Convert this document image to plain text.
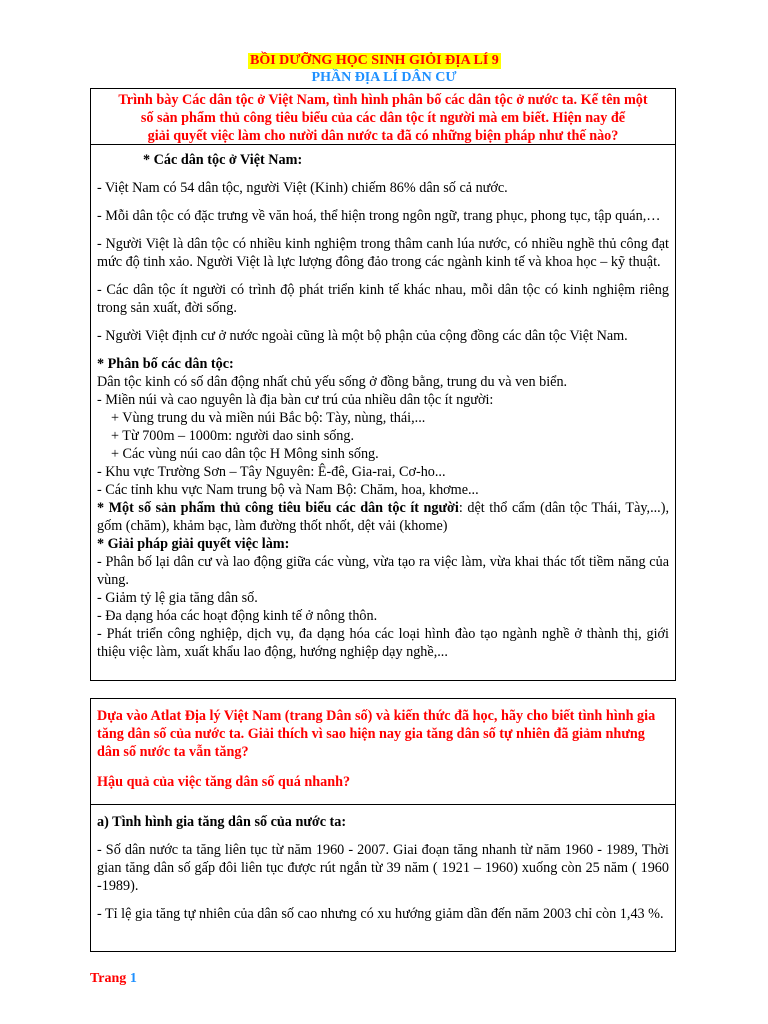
BỒI DƯỠNG HỌC SINH GIỎI ĐỊA LÍ 9
PHẦN ĐỊA LÍ DÂN CƯ
Trình bày Các dân tộc ở Việt Nam, tình hình phân bố các dân tộc ở nước ta. Kể tên một
số sản phẩm thủ công tiêu biểu của các dân tộc ít người mà em biết. Hiện nay để
giải quyết việc làm cho nười dân nước ta đã có những biện pháp như thế nào?

* Các dân tộc ở Việt Nam:

- Việt Nam có 54 dân tộc, người Việt (Kinh) chiếm 86% dân số cả nước.

- Mỗi dân tộc có đặc trưng về văn hoá, thể hiện trong ngôn ngữ, trang phục, phong tục, tập quán,…

- Người Việt là dân tộc có nhiều kinh nghiệm trong thâm canh lúa nước, có nhiều nghề thủ công đạt mức độ tinh xảo. Người Việt là lực lượng đông đảo trong các ngành kinh tế và khoa học – kỹ thuật.

- Các dân tộc ít người có trình độ phát triển kinh tế khác nhau, mỗi dân tộc có kinh nghiệm riêng trong sản xuất, đời sống.

- Người Việt định cư ở nước ngoài cũng là một bộ phận của cộng đồng các dân tộc Việt Nam.

* Phân bố các dân tộc:

Dân tộc kinh có số dân động nhất chủ yếu sống ở đồng bằng, trung du và ven biển.

- Miền núi và cao nguyên là địa bàn cư trú của nhiều dân tộc ít người:

+ Vùng trung du và miền núi Bắc bộ: Tày, nùng, thái,...

+ Từ 700m – 1000m: người dao sinh sống.

+ Các vùng núi cao dân tộc H Mông sinh sống.

- Khu vực Trường Sơn – Tây Nguyên: Ê-đê, Gia-rai, Cơ-ho...

- Các tỉnh khu vực Nam trung bộ và Nam Bộ: Chăm, hoa, khơme...

* Một số sản phẩm thủ công tiêu biểu các dân tộc ít người: dệt thổ cẩm (dân tộc Thái, Tày,...), gốm (chăm), khảm bạc, làm đường thốt nhốt, dệt vải (khome)

* Giải pháp giải quyết việc làm:

- Phân bố lại dân cư và lao động giữa các vùng, vừa tạo ra việc làm, vừa khai thác tốt tiềm năng của vùng.

- Giảm tỷ lệ gia tăng dân số.

- Đa dạng hóa các hoạt động kinh tế ở nông thôn.

- Phát triển công nghiệp, dịch vụ, đa dạng hóa các loại hình đào tạo ngành nghề ở thành thị, giới thiệu việc làm, xuất khẩu lao động, hướng nghiệp dạy nghề,...

Dựa vào Atlat Địa lý Việt Nam (trang Dân số) và kiến thức đã học, hãy cho biết tình hình gia tăng dân số của nước ta. Giải thích vì sao hiện nay gia tăng dân số tự nhiên đã giảm nhưng dân số nước ta vẫn tăng?

Hậu quả của việc tăng dân số quá nhanh?

a) Tình hình gia tăng dân số của nước ta:

- Số dân nước ta tăng liên tục từ năm 1960 - 2007. Giai đoạn tăng nhanh từ năm 1960 - 1989, Thời gian tăng dân số gấp đôi liên tục được rút ngắn từ 39 năm ( 1921 – 1960) xuống còn 25 năm ( 1960 -1989).

- Tỉ lệ gia tăng tự nhiên của dân số cao nhưng có xu hướng giảm dần đến năm 2003 chỉ còn 1,43 %.

Trang 1
